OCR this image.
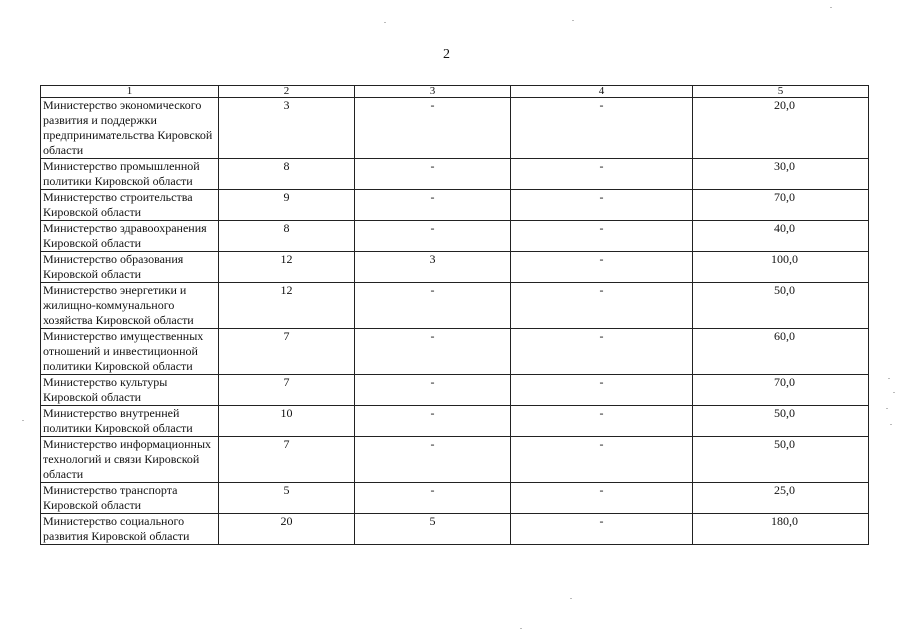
2
1	2	3	4	5
Министерство экономического развития и поддержки предпринимательства Кировской области	3	-	-	20,0
Министерство промышленной политики Кировской области	8	-	-	30,0
Министерство строительства Кировской области	9	-	-	70,0
Министерство здравоохранения Кировской области	8	-	-	40,0
Министерство образования Кировской области	12	3	-	100,0
Министерство энергетики и жилищно-коммунального хозяйства Кировской области	12	-	-	50,0
Министерство имущественных отношений и инвестиционной политики Кировской области	7	-	-	60,0
Министерство культуры Кировской области	7	-	-	70,0
Министерство внутренней политики Кировской области	10	-	-	50,0
Министерство информационных технологий и связи Кировской области	7	-	-	50,0
Министерство транспорта Кировской области	5	-	-	25,0
Министерство социального развития Кировской области	20	5	-	180,0
